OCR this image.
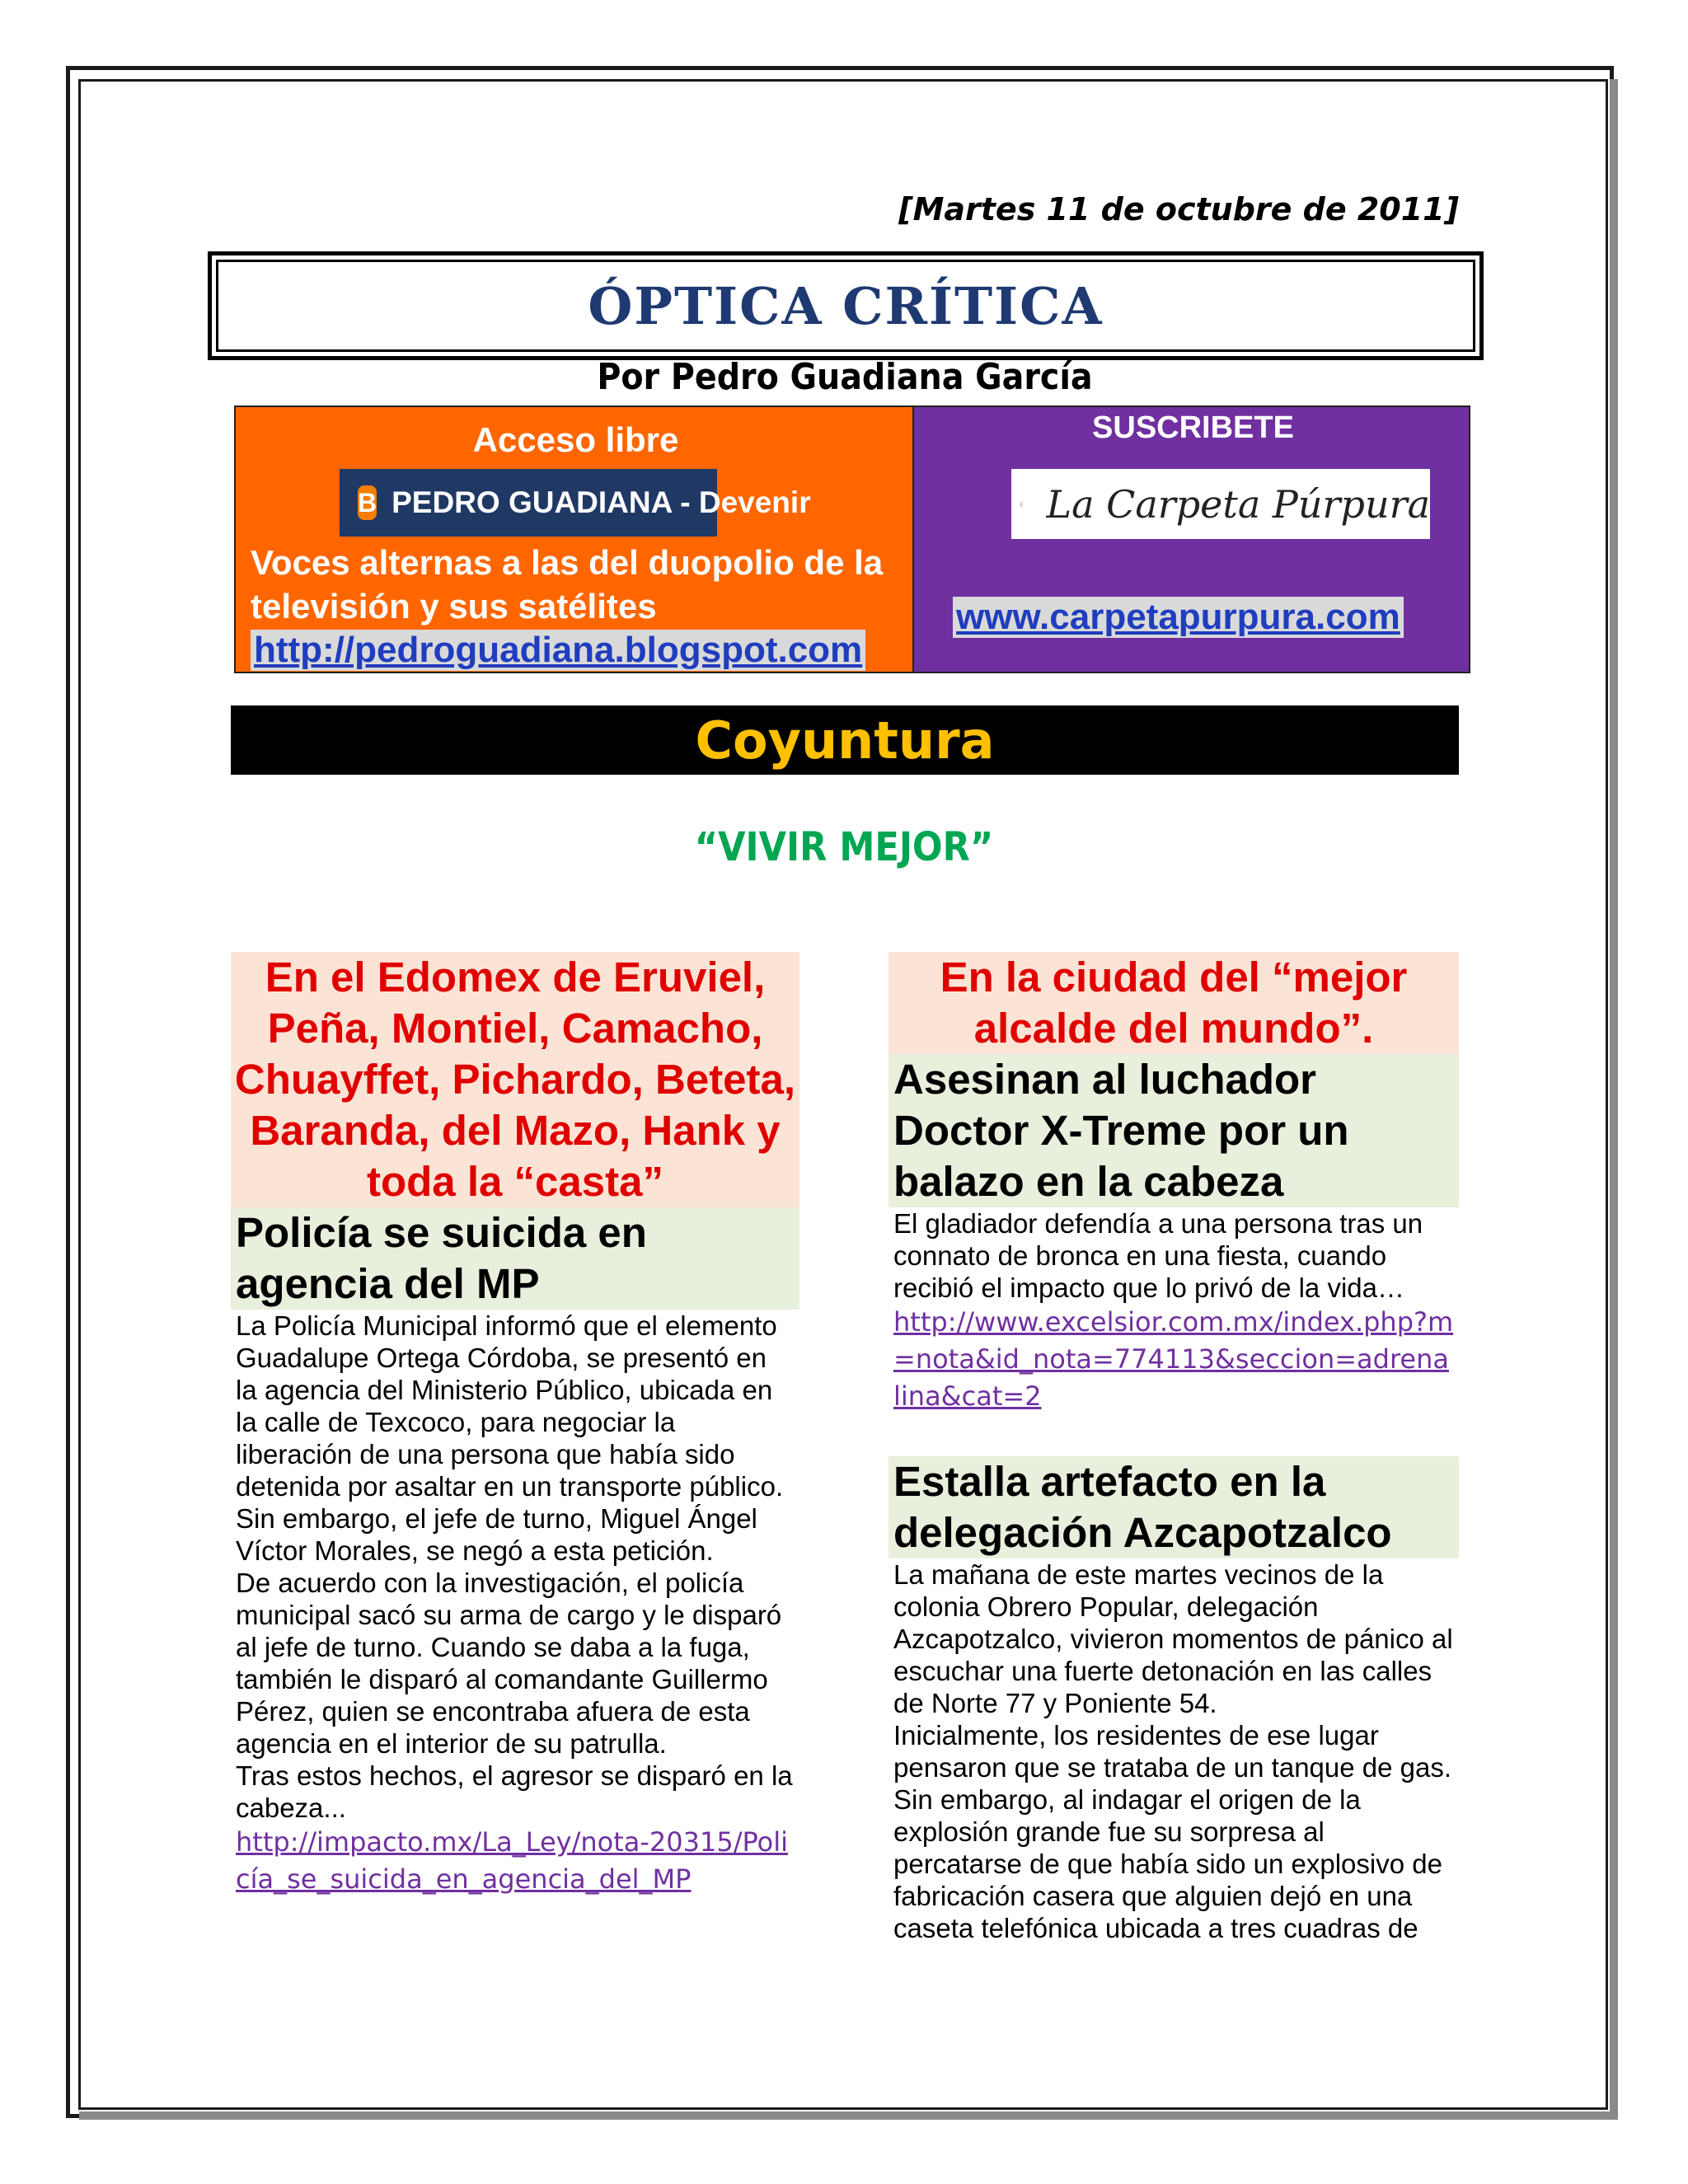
[Martes 11 de octubre de 2011]
ÓPTICA CRÍTICA
Por Pedro Guadiana García
Acceso libre
B PEDRO GUADIANA - Devenir
Voces alternas a las del duopolio de la televisión y sus satélites
http://pedroguadiana.blogspot.com
SUSCRIBETE
La Carpeta Púrpura
www.carpetapurpura.com
Coyuntura
“VIVIR MEJOR”
En el Edomex de Eruviel, Peña, Montiel, Camacho, Chuayffet, Pichardo, Beteta, Baranda, del Mazo, Hank y toda la “casta”
Policía se suicida en agencia del MP

La Policía Municipal informó que el elemento Guadalupe Ortega Córdoba, se presentó en la agencia del Ministerio Público, ubicada en la calle de Texcoco, para negociar la liberación de una persona que había sido detenida por asaltar en un transporte público. Sin embargo, el jefe de turno, Miguel Ángel Víctor Morales, se negó a esta petición.

De acuerdo con la investigación, el policía municipal sacó su arma de cargo y le disparó al jefe de turno. Cuando se daba a la fuga, también le disparó al comandante Guillermo Pérez, quien se encontraba afuera de esta agencia en el interior de su patrulla.

Tras estos hechos, el agresor se disparó en la cabeza...

http://impacto.mx/La_Ley/nota-20315/Policía_se_suicida_en_agencia_del_MP
En la ciudad del “mejor alcalde del mundo”.
Asesinan al luchador Doctor X-Treme por un balazo en la cabeza

El gladiador defendía a una persona tras un connato de bronca en una fiesta, cuando recibió el impacto que lo privó de la vida…

http://www.excelsior.com.mx/index.php?m=nota&id_nota=774113&seccion=adrenalina&cat=2
Estalla artefacto en la delegación Azcapotzalco

La mañana de este martes vecinos de la colonia Obrero Popular, delegación Azcapotzalco, vivieron momentos de pánico al escuchar una fuerte detonación en las calles de Norte 77 y Poniente 54.

Inicialmente, los residentes de ese lugar pensaron que se trataba de un tanque de gas.

Sin embargo, al indagar el origen de la explosión grande fue su sorpresa al percatarse de que había sido un explosivo de fabricación casera que alguien dejó en una caseta telefónica ubicada a tres cuadras de
